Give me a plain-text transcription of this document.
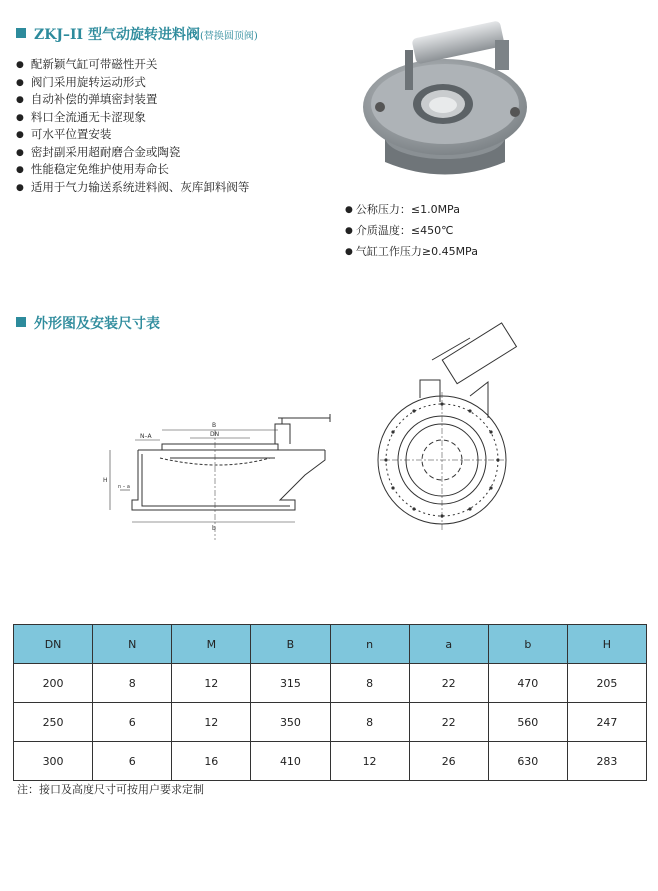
ZKJ–II 型气动旋转进料阀(替换圆顶阀)
● 配新颖气缸可带磁性开关
● 阀门采用旋转运动形式
● 自动补偿的弹填密封装置
● 料口全流通无卡涩现象
● 可水平位置安装
● 密封副采用超耐磨合金或陶瓷
● 性能稳定免维护使用寿命长
● 适用于气力输送系统进料阀、灰库卸料阀等
● 公称压力：≤1.0MPa
● 介质温度：≤450℃
● 气缸工作压力≥0.45MPa
外形图及安装尺寸表
B
DN
N–A
H
n – a
b
DN	N	M	B	n	a	b	H
200	8	12	315	8	22	470	205
250	6	12	350	8	22	560	247
300	6	16	410	12	26	630	283
注：接口及高度尺寸可按用户要求定制
